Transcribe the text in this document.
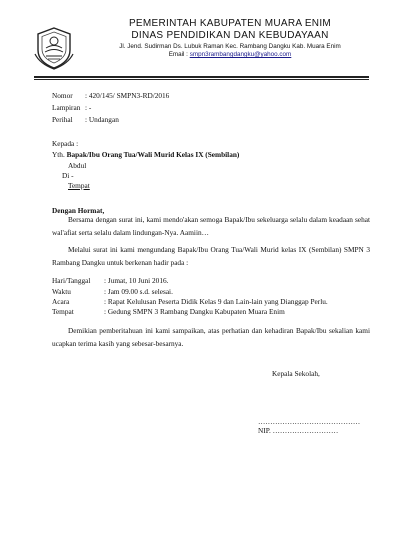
PEMERINTAH KABUPATEN MUARA ENIM
DINAS PENDIDIKAN DAN KEBUDAYAAN
Jl. Jend. Sudirman Ds. Lubuk Raman Kec. Rambang Dangku Kab. Muara Enim
Email : smpn3rambangdangku@yahoo.com
Nomor : 420/145/ SMPN3-RD/2016
Lampiran : -
Perihal : Undangan
Kepada :
Yth. Bapak/Ibu Orang Tua/Wali Murid Kelas IX (Sembilan)
Abdul
Di -
Tempat
Dengan Hormat,
Bersama dengan surat ini, kami mendo'akan semoga Bapak/Ibu sekeluarga selalu dalam keadaan sehat wal'afiat serta selalu dalam lindungan-Nya. Aamiin…
Melalui surat ini kami mengundang Bapak/Ibu Orang Tua/Wali Murid kelas IX (Sembilan) SMPN 3 Rambang Dangku untuk berkenan hadir pada :
Hari/Tanggal : Jumat, 10 Juni 2016.
Waktu	: Jam 09.00 s.d. selesai.
Acara	: Rapat Kelulusan Peserta Didik Kelas 9 dan Lain-lain yang Dianggap Perlu.
Tempat	: Gedung SMPN 3 Rambang Dangku Kabupaten Muara Enim
Demikian pemberitahuan ini kami sampaikan, atas perhatian dan kehadiran Bapak/Ibu sekalian kami ucapkan terima kasih yang sebesar-besarnya.
Kepala Sekolah,
……………………………………
NIP. ………………………
